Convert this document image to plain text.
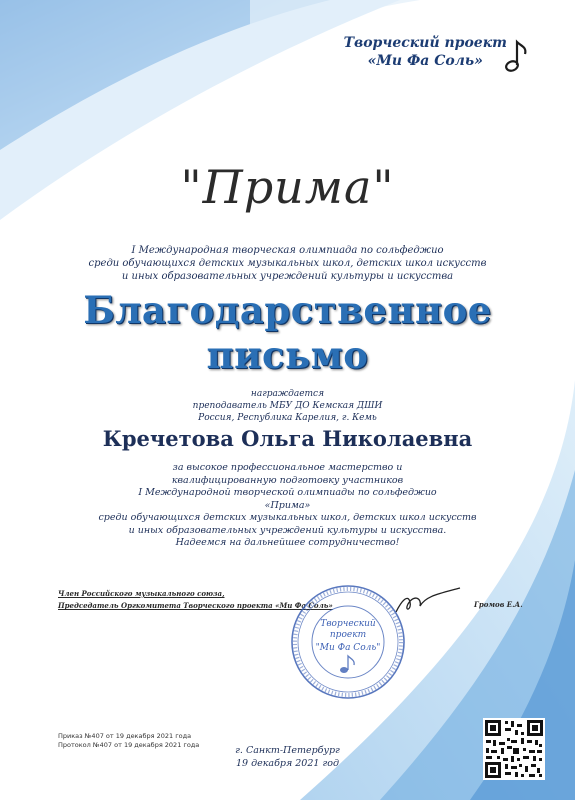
Творческий проект
«Ми Фа Соль»
"Прима"
I Международная творческая олимпиада по сольфеджио
среди обучающихся детских музыкальных школ, детских школ искусств
и иных образовательных учреждений культуры и искусства
Благодарственное
письмо
награждается
преподаватель МБУ ДО Кемская ДШИ
Россия, Республика Карелия, г. Кемь
Кречетова Ольга Николаевна
за высокое профессиональное мастерство и
квалифицированную подготовку участников
I Международной творческой олимпиады по сольфеджио
«Прима»
среди обучающихся детских музыкальных школ, детских школ искусств
и иных образовательных учреждений культуры и искусства.
Надеемся на дальнейшее сотрудничество!
Член Российского музыкального союза,
Председатель Оргкомитета Творческого проекта «Ми Фа Соль»
Творческий
проект
"Ми Фа Соль"
Громов Е.А.
Приказ №407 от 19 декабря 2021 года
Протокол №407 от 19 декабря 2021 года	г. Санкт-Петербург
19 декабря 2021 год
